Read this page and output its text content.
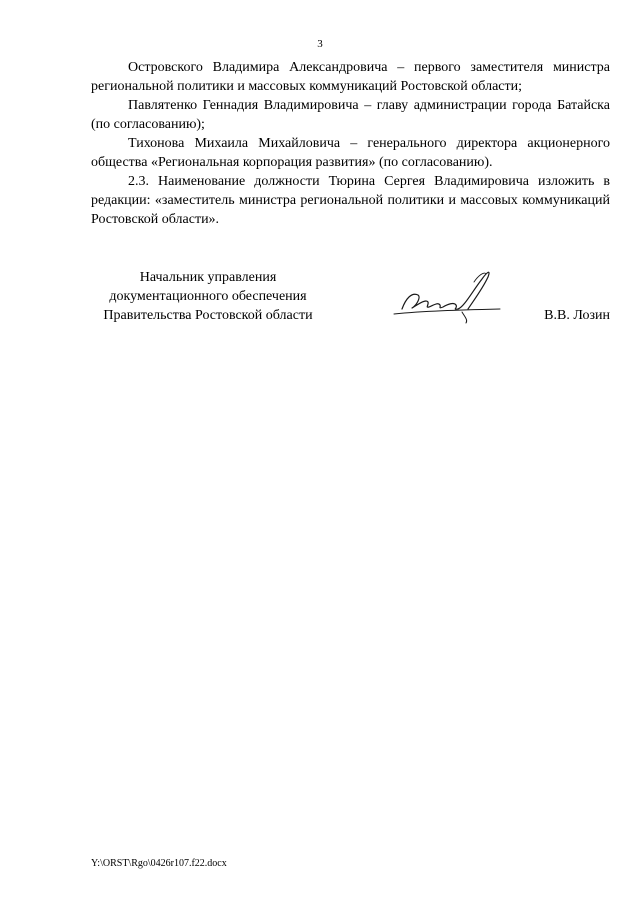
3

Островского Владимира Александровича – первого заместителя министра региональной политики и массовых коммуникаций Ростовской области;

Павлятенко Геннадия Владимировича – главу администрации города Батайска (по согласованию);

Тихонова Михаила Михайловича – генерального директора акционерного общества «Региональная корпорация развития» (по согласованию).

2.3. Наименование должности Тюрина Сергея Владимировича изложить в редакции: «заместитель министра региональной политики и массовых коммуникаций Ростовской области».

Начальник управления
документационного обеспечения
Правительства Ростовской области	В.В. Лозин
Y:\ORST\Rgo\0426r107.f22.docx
